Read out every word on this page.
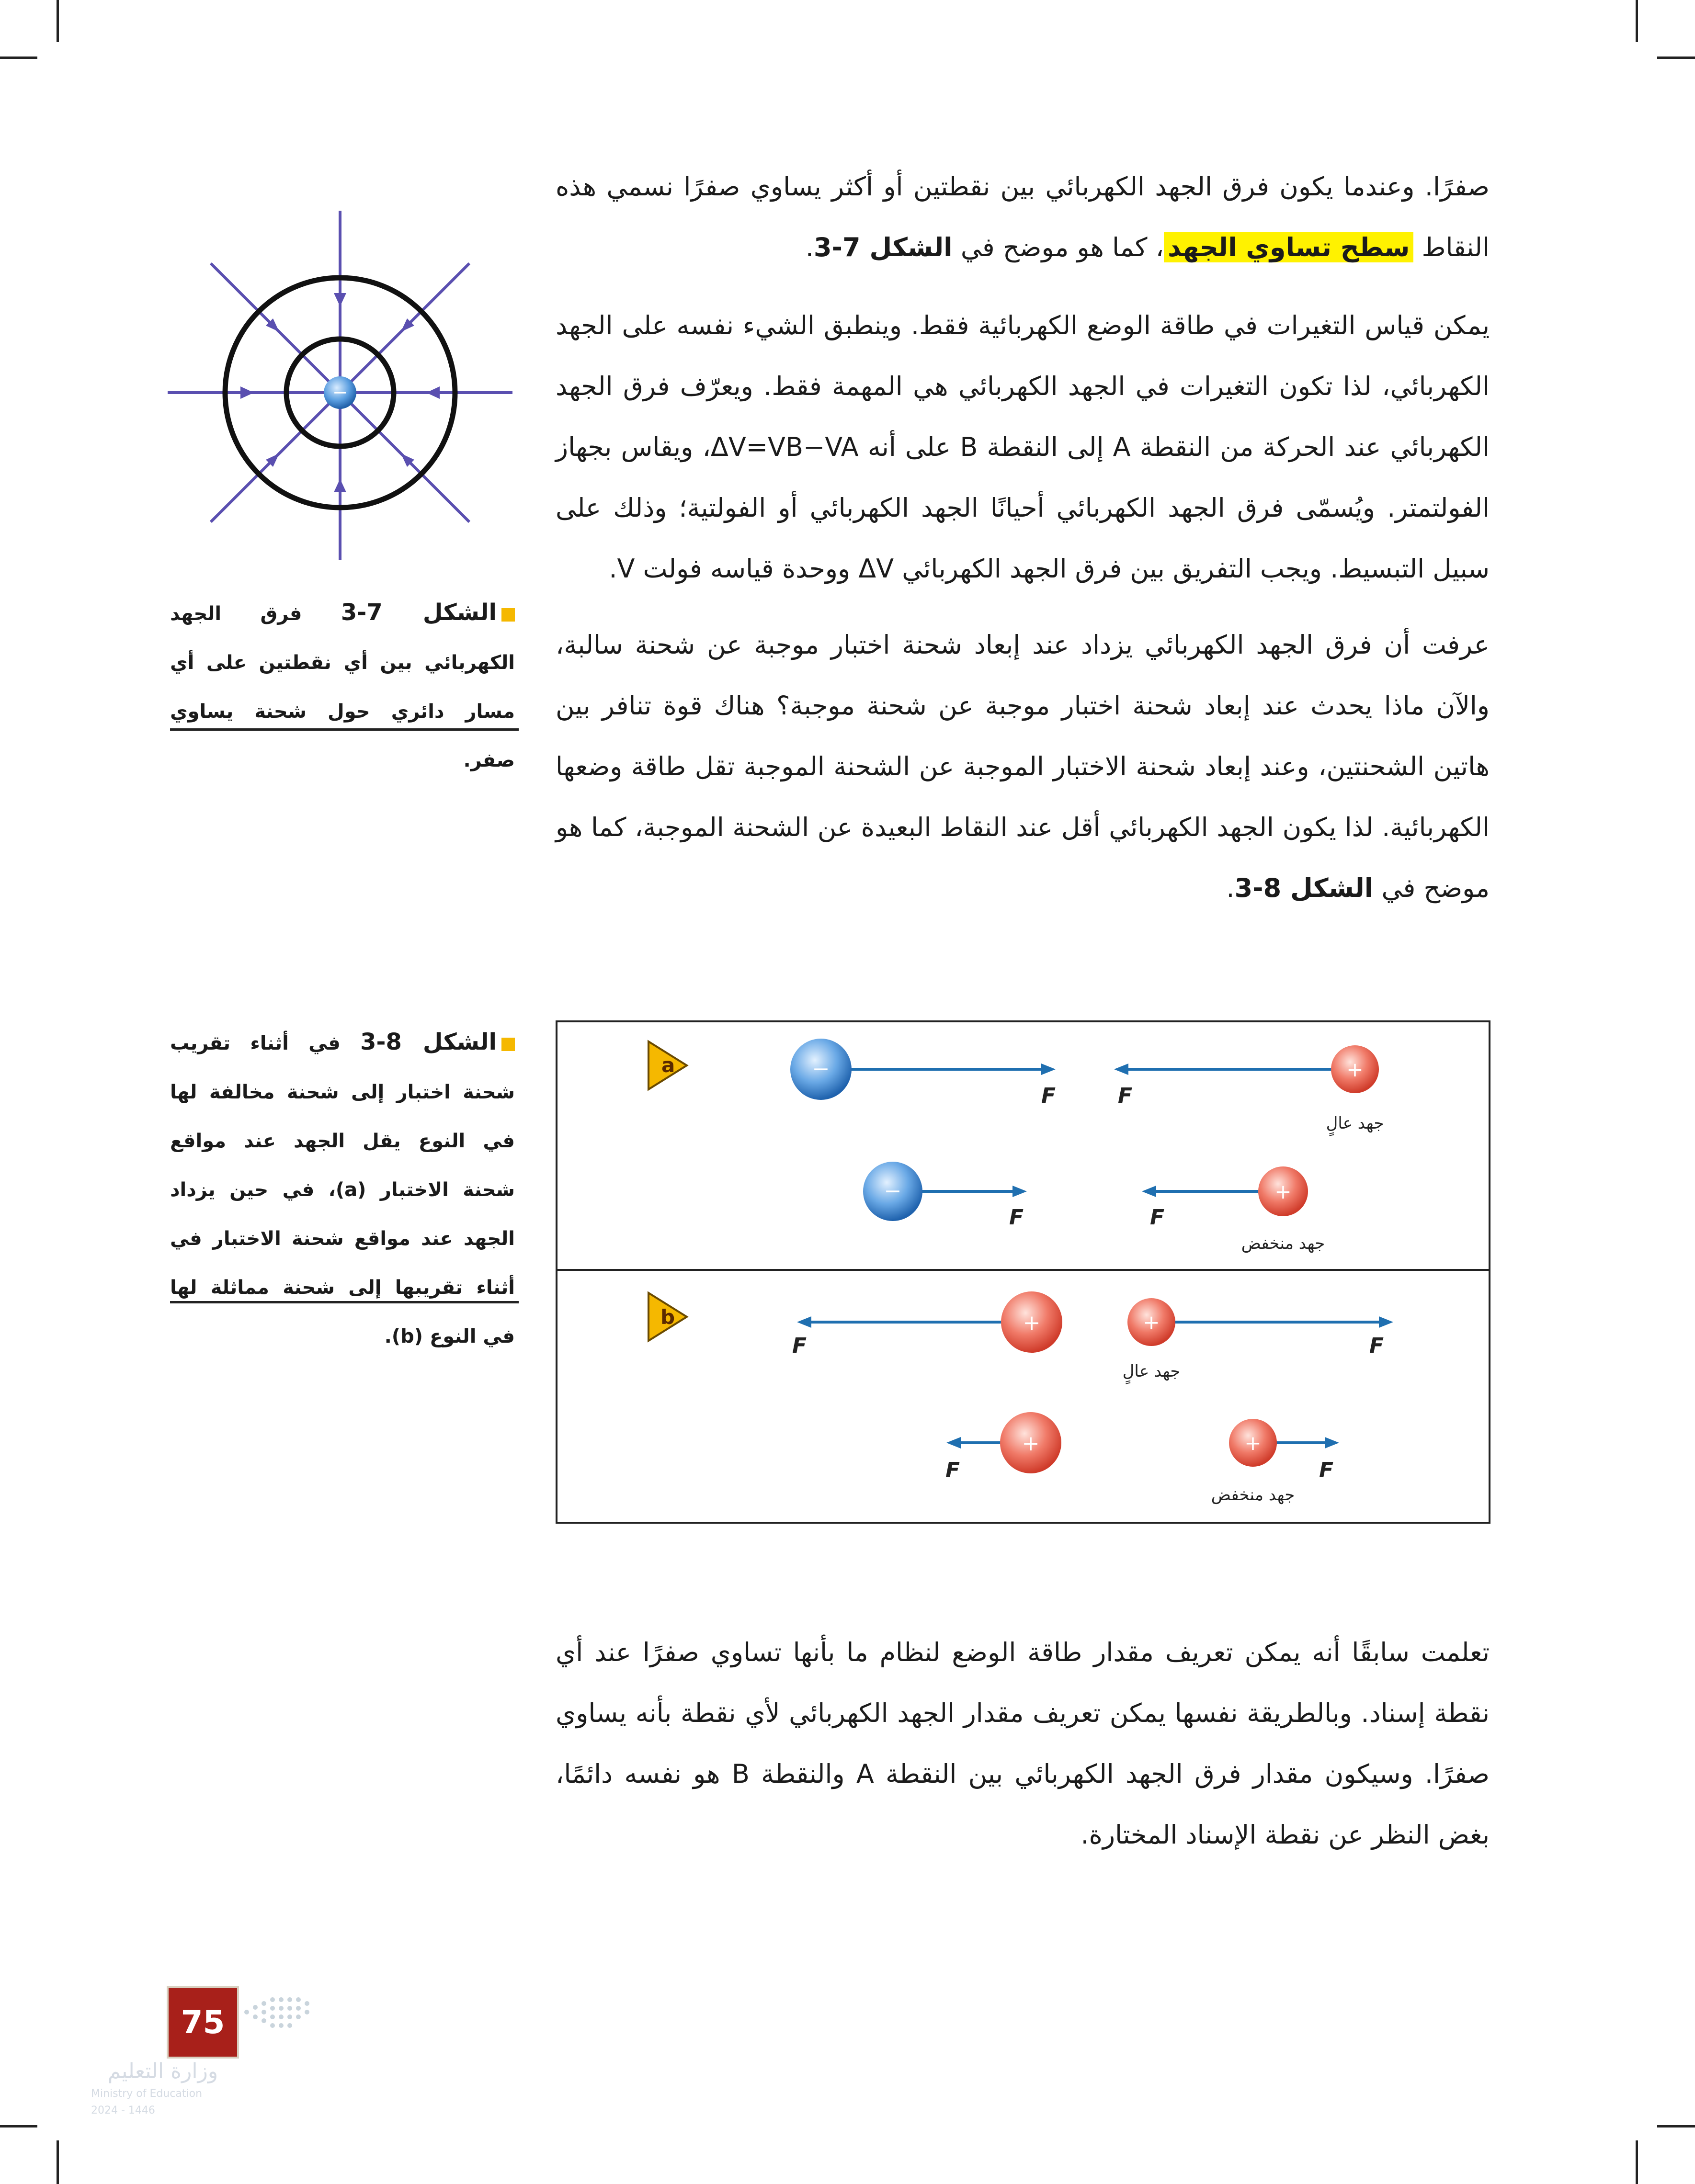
صفرًا. وعندما يكون فرق الجهد الكهربائي بين نقطتين أو أكثر يساوي صفرًا نسمي هذه النقاط سطح تساوي الجهد، كما هو موضح في الشكل 7-3.

يمكن قياس التغيرات في طاقة الوضع الكهربائية فقط. وينطبق الشيء نفسه على الجهد الكهربائي، لذا تكون التغيرات في الجهد الكهربائي هي المهمة فقط. ويعرّف فرق الجهد الكهربائي عند الحركة من النقطة A إلى النقطة B على أنه ΔV=VB−VA، ويقاس بجهاز الفولتمتر. ويُسمّى فرق الجهد الكهربائي أحيانًا الجهد الكهربائي أو الفولتية؛ وذلك على سبيل التبسيط. ويجب التفريق بين فرق الجهد الكهربائي ΔV ووحدة قياسه فولت V.

عرفت أن فرق الجهد الكهربائي يزداد عند إبعاد شحنة اختبار موجبة عن شحنة سالبة، والآن ماذا يحدث عند إبعاد شحنة اختبار موجبة عن شحنة موجبة؟ هناك قوة تنافر بين هاتين الشحنتين، وعند إبعاد شحنة الاختبار الموجبة عن الشحنة الموجبة تقل طاقة وضعها الكهربائية. لذا يكون الجهد الكهربائي أقل عند النقاط البعيدة عن الشحنة الموجبة، كما هو موضح في الشكل 8-3.

−
الشكل 7-3 فرق الجهد الكهربائي بين أي نقطتين على أي مسار دائري حول شحنة يساوي صفر.
الشكل 8-3 في أثناء تقريب شحنة اختبار إلى شحنة مخالفة لها في النوع يقل الجهد عند مواقع شحنة الاختبار (a)، في حين يزداد الجهد عند مواقع شحنة الاختبار في أثناء تقريبها إلى شحنة مماثلة لها في النوع (b).
a
b
−
F
+
F
جهد عالٍ
−
F
+
F
جهد منخفض
+
F
+
F
جهد عالٍ
+
F
+
F
جهد منخفض

تعلمت سابقًا أنه يمكن تعريف مقدار طاقة الوضع لنظام ما بأنها تساوي صفرًا عند أي نقطة إسناد. وبالطريقة نفسها يمكن تعريف مقدار الجهد الكهربائي لأي نقطة بأنه يساوي صفرًا. وسيكون مقدار فرق الجهد الكهربائي بين النقطة A والنقطة B هو نفسه دائمًا، بغض النظر عن نقطة الإسناد المختارة.

75
وزارة التعليم
Ministry of Education
2024 - 1446
